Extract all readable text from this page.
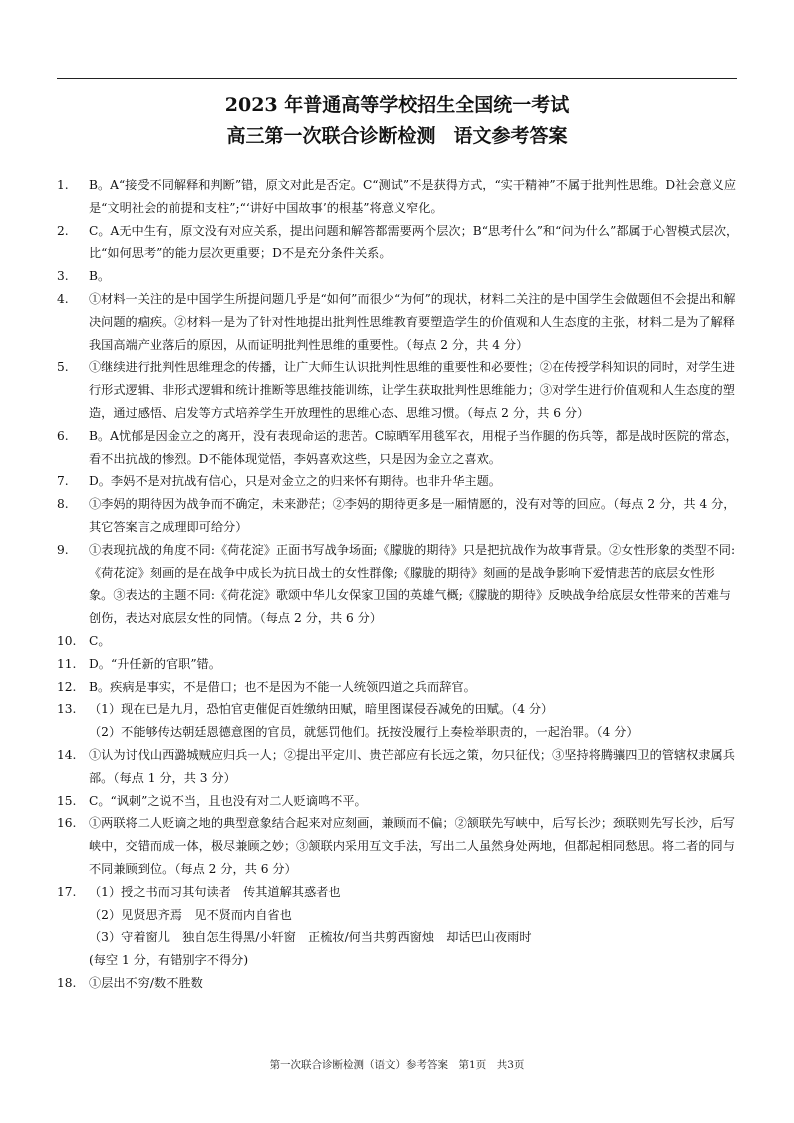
2023 年普通高等学校招生全国统一考试
高三第一次联合诊断检测 语文参考答案
1. B。A“接受不同解释和判断”错，原文对此是否定。C“测试”不是获得方式，“实干精神”不属于批判性思维。D社会意义应是“文明社会的前提和支柱”;“‘讲好中国故事’的根基”将意义窄化。
2. C。A无中生有，原文没有对应关系，提出问题和解答都需要两个层次；B“思考什么”和“问为什么”都属于心智模式层次，比“如何思考”的能力层次更重要；D不是充分条件关系。
3. B。
4. ①材料一关注的是中国学生所提问题几乎是“如何”而很少“为何”的现状，材料二关注的是中国学生会做题但不会提出和解决问题的痼疾。②材料一是为了针对性地提出批判性思维教育要塑造学生的价值观和人生态度的主张，材料二是为了解释我国高端产业落后的原因，从而证明批判性思维的重要性。（每点 2 分，共 4 分）
5. ①继续进行批判性思维理念的传播，让广大师生认识批判性思维的重要性和必要性；②在传授学科知识的同时，对学生进行形式逻辑、非形式逻辑和统计推断等思维技能训练，让学生获取批判性思维能力；③对学生进行价值观和人生态度的塑造，通过感悟、启发等方式培养学生开放理性的思维心态、思维习惯。（每点 2 分，共 6 分）
6. B。A忧郁是因金立之的离开，没有表现命运的悲苦。C晾晒军用毯军衣，用棍子当作腿的伤兵等，都是战时医院的常态，看不出抗战的惨烈。D不能体现觉悟，李妈喜欢这些，只是因为金立之喜欢。
7. D。李妈不是对抗战有信心，只是对金立之的归来怀有期待。也非升华主题。
8. ①李妈的期待因为战争而不确定，未来渺茫；②李妈的期待更多是一厢情愿的，没有对等的回应。（每点 2 分，共 4 分，其它答案言之成理即可给分）
9. ①表现抗战的角度不同:《荷花淀》正面书写战争场面;《朦胧的期待》只是把抗战作为故事背景。②女性形象的类型不同:《荷花淀》刻画的是在战争中成长为抗日战士的女性群像;《朦胧的期待》刻画的是战争影响下爱情悲苦的底层女性形象。③表达的主题不同:《荷花淀》歌颂中华儿女保家卫国的英雄气概;《朦胧的期待》反映战争给底层女性带来的苦难与创伤，表达对底层女性的同情。（每点 2 分，共 6 分）
10. C。
11. D。“升任新的官职”错。
12. B。疾病是事实，不是借口；也不是因为不能一人统领四道之兵而辞官。
13. （1）现在已是九月，恐怕官吏催促百姓缴纳田赋，暗里图谋侵吞减免的田赋。（4 分）
（2）不能够传达朝廷恩德意图的官员，就惩罚他们。抚按没履行上奏检举职责的，一起治罪。（4 分）
14. ①认为讨伐山西潞城贼应归兵一人；②提出平定川、贵芒部应有长远之策，勿只征伐；③坚持将腾骧四卫的管辖权隶属兵部。（每点 1 分，共 3 分）
15. C。“讽刺”之说不当，且也没有对二人贬谪鸣不平。
16. ①两联将二人贬谪之地的典型意象结合起来对应刻画，兼顾而不偏；②颔联先写峡中，后写长沙；颈联则先写长沙，后写峡中，交错而成一体，极尽兼顾之妙；③颔联内采用互文手法，写出二人虽然身处两地，但都起相同愁思。将二者的同与不同兼顾到位。（每点 2 分，共 6 分）
17. （1）授之书而习其句读者　传其道解其惑者也
（2）见贤思齐焉　见不贤而内自省也
（3）守着窗儿　独自怎生得黑/小轩窗　正梳妆/何当共剪西窗烛　却话巴山夜雨时
(每空 1 分，有错别字不得分)
18. ①层出不穷/数不胜数
第一次联合诊断检测（语文）参考答案　第1页　共3页
